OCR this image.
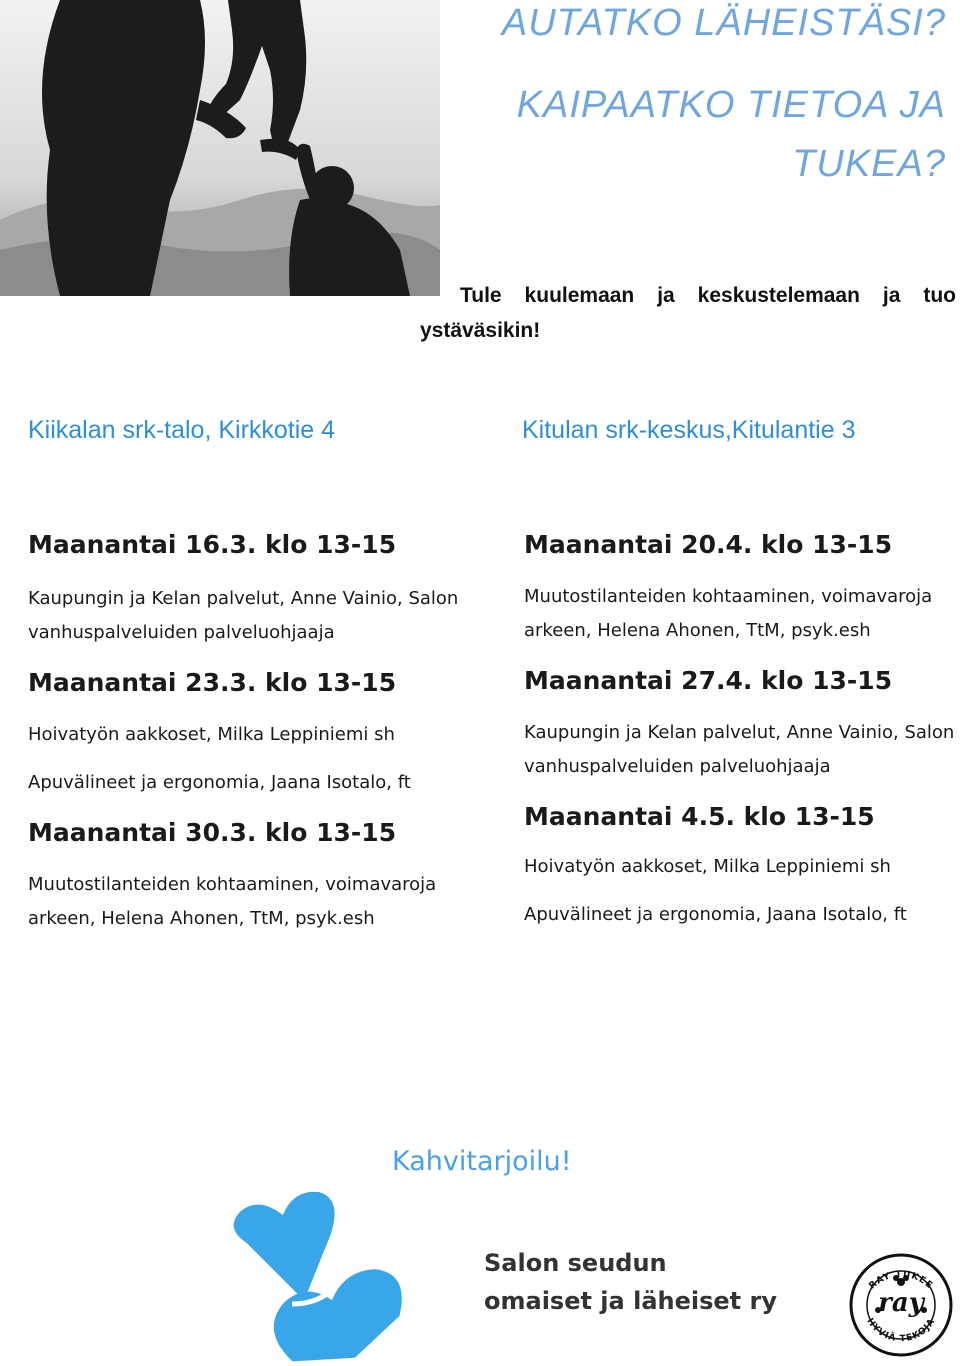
AUTATKO LÄHEISTÄSI?
KAIPAATKO TIETOA JA
TUKEA?
Tule kuulemaan ja keskustelemaan ja tuo ystäväsikin!
Kiikalan srk-talo, Kirkkotie 4	Kitulan srk-keskus,Kitulantie 3
Maanantai 16.3. klo 13-15
Kaupungin ja Kelan palvelut, Anne Vainio, Salon vanhuspalveluiden palveluohjaaja
Maanantai 23.3. klo 13-15
Hoivatyön aakkoset, Milka Leppiniemi sh
Apuvälineet ja ergonomia, Jaana Isotalo, ft
Maanantai 30.3. klo 13-15
Muutostilanteiden kohtaaminen, voimavaroja arkeen, Helena Ahonen, TtM, psyk.esh
Maanantai 20.4. klo 13-15
Muutostilanteiden kohtaaminen, voimavaroja arkeen, Helena Ahonen, TtM, psyk.esh
Maanantai 27.4. klo 13-15
Kaupungin ja Kelan palvelut, Anne Vainio, Salon vanhuspalveluiden palveluohjaaja
Maanantai 4.5. klo 13-15
Hoivatyön aakkoset, Milka Leppiniemi sh
Apuvälineet ja ergonomia, Jaana Isotalo, ft
Kahvitarjoilu!
Salon seudun
omaiset ja läheiset ry
RAY TUKEE
HYVIÄ TEKOJA
ray
